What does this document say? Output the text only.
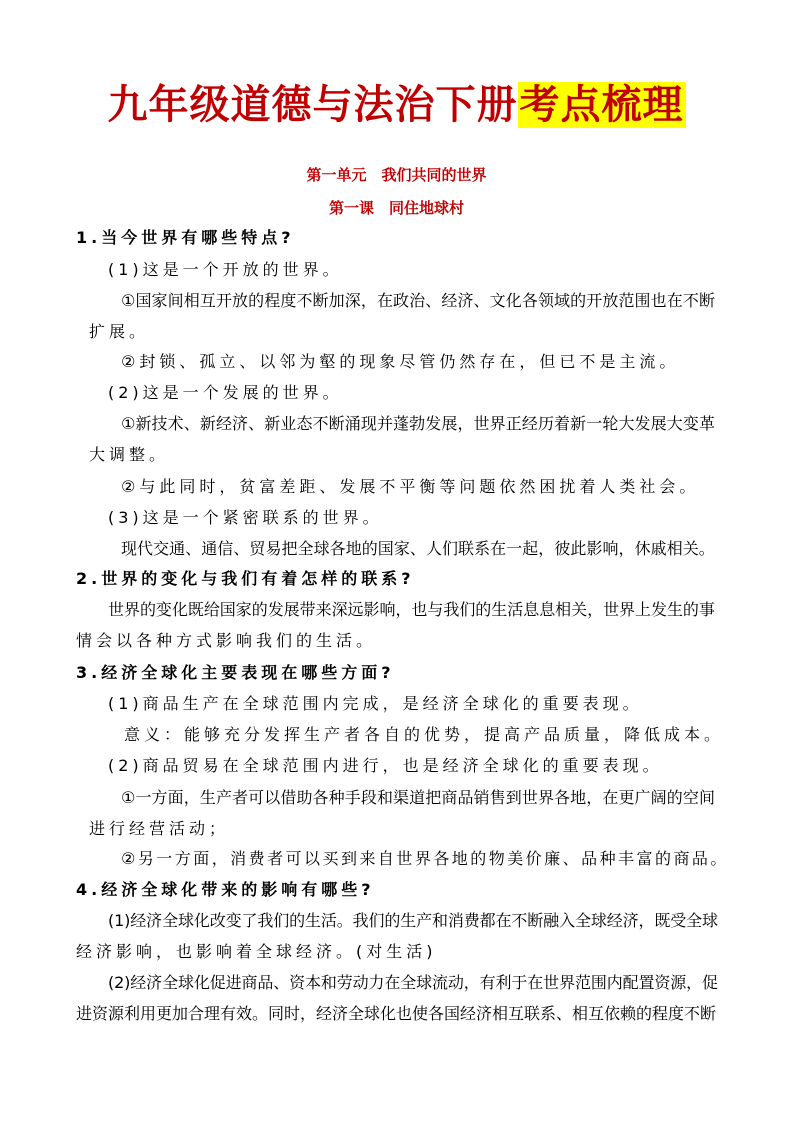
九年级道德与法治下册考点梳理
第一单元　我们共同的世界
第一课　同住地球村
1.当今世界有哪些特点?
(1)这是一个开放的世界。
①国家间相互开放的程度不断加深，在政治、经济、文化各领域的开放范围也在不断
扩展。
②封锁、孤立、以邻为壑的现象尽管仍然存在，但已不是主流。
(2)这是一个发展的世界。
①新技术、新经济、新业态不断涌现并蓬勃发展，世界正经历着新一轮大发展大变革
大调整。
②与此同时，贫富差距、发展不平衡等问题依然困扰着人类社会。
(3)这是一个紧密联系的世界。
现代交通、通信、贸易把全球各地的国家、人们联系在一起，彼此影响，休戚相关。
2.世界的变化与我们有着怎样的联系?
世界的变化既给国家的发展带来深远影响，也与我们的生活息息相关，世界上发生的事
情会以各种方式影响我们的生活。
3.经济全球化主要表现在哪些方面?
(1)商品生产在全球范围内完成，是经济全球化的重要表现。
意义：能够充分发挥生产者各自的优势，提高产品质量，降低成本。
(2)商品贸易在全球范围内进行，也是经济全球化的重要表现。
①一方面，生产者可以借助各种手段和渠道把商品销售到世界各地，在更广阔的空间
进行经营活动；
②另一方面，消费者可以买到来自世界各地的物美价廉、品种丰富的商品。
4.经济全球化带来的影响有哪些?
(1)经济全球化改变了我们的生活。我们的生产和消费都在不断融入全球经济，既受全球
经济影响，也影响着全球经济。(对生活)
(2)经济全球化促进商品、资本和劳动力在全球流动，有利于在世界范围内配置资源，促
进资源利用更加合理有效。同时，经济全球化也使各国经济相互联系、相互依赖的程度不断
